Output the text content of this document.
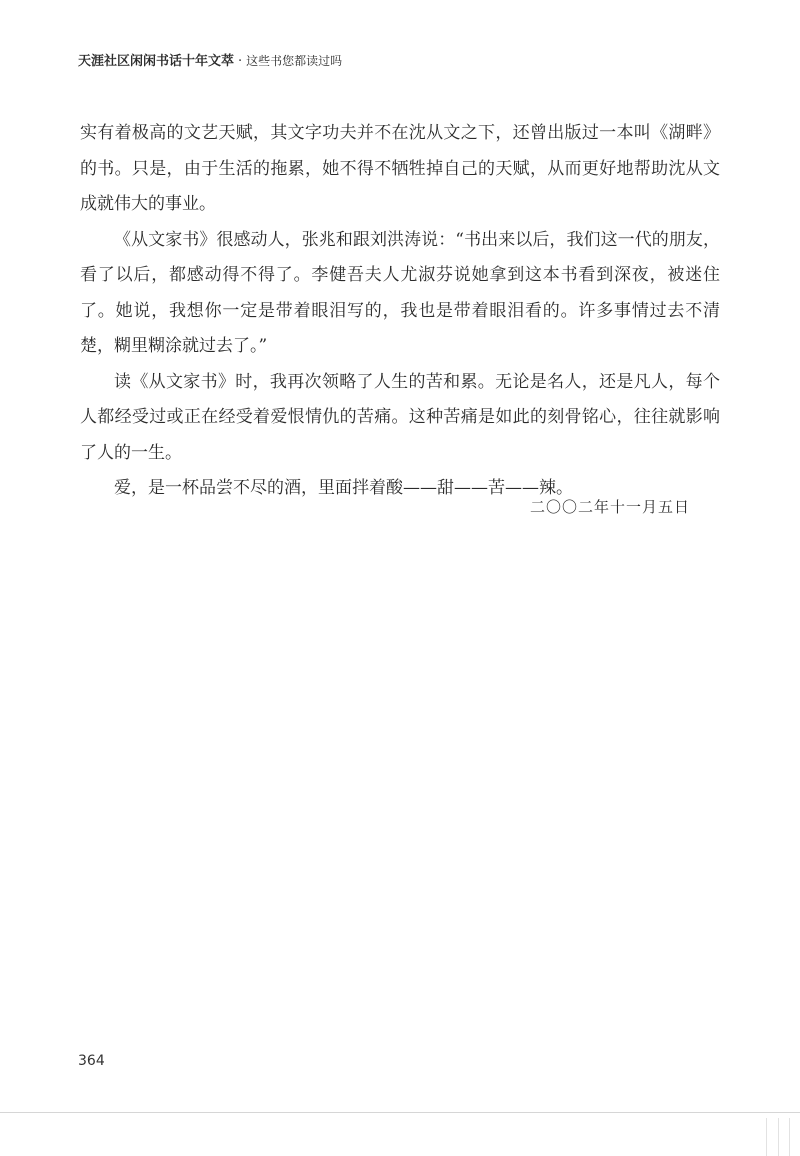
天涯社区闲闲书话十年文萃 · 这些书您都读过吗

实有着极高的文艺天赋，其文字功夫并不在沈从文之下，还曾出版过一本叫《湖畔》的书。只是，由于生活的拖累，她不得不牺牲掉自己的天赋，从而更好地帮助沈从文成就伟大的事业。

《从文家书》很感动人，张兆和跟刘洪涛说：“书出来以后，我们这一代的朋友，看了以后，都感动得不得了。李健吾夫人尤淑芬说她拿到这本书看到深夜，被迷住了。她说，我想你一定是带着眼泪写的，我也是带着眼泪看的。许多事情过去不清楚，糊里糊涂就过去了。”

读《从文家书》时，我再次领略了人生的苦和累。无论是名人，还是凡人，每个人都经受过或正在经受着爱恨情仇的苦痛。这种苦痛是如此的刻骨铭心，往往就影响了人的一生。

爱，是一杯品尝不尽的酒，里面拌着酸——甜——苦——辣。

二〇〇二年十一月五日
364
